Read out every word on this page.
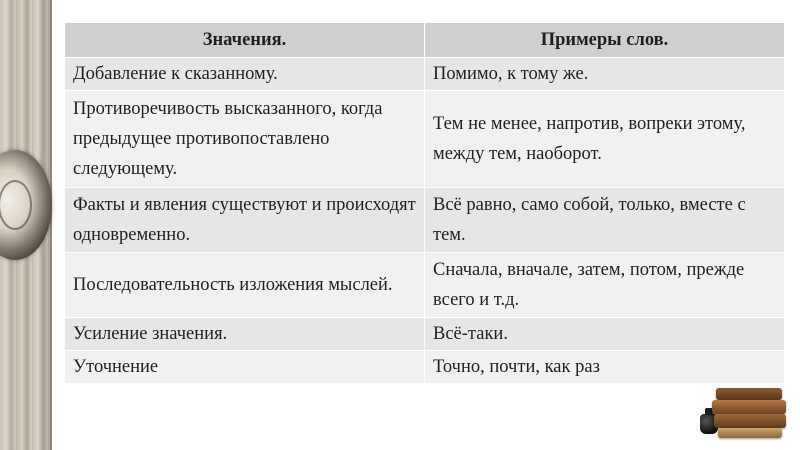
Значения.	Примеры слов.
Добавление к сказанному.	Помимо, к тому же.
Противоречивость высказанного, когда предыдущее противопоставлено следующему.	Тем не менее, напротив, вопреки этому, между тем, наоборот.
Факты и явления существуют и происходят одновременно.	Всё равно, само собой, только, вместе с тем.
Последовательность изложения мыслей.	Сначала, вначале, затем, потом, прежде всего и т.д.
Усиление значения.	Всё-таки.
Уточнение	Точно, почти, как раз
